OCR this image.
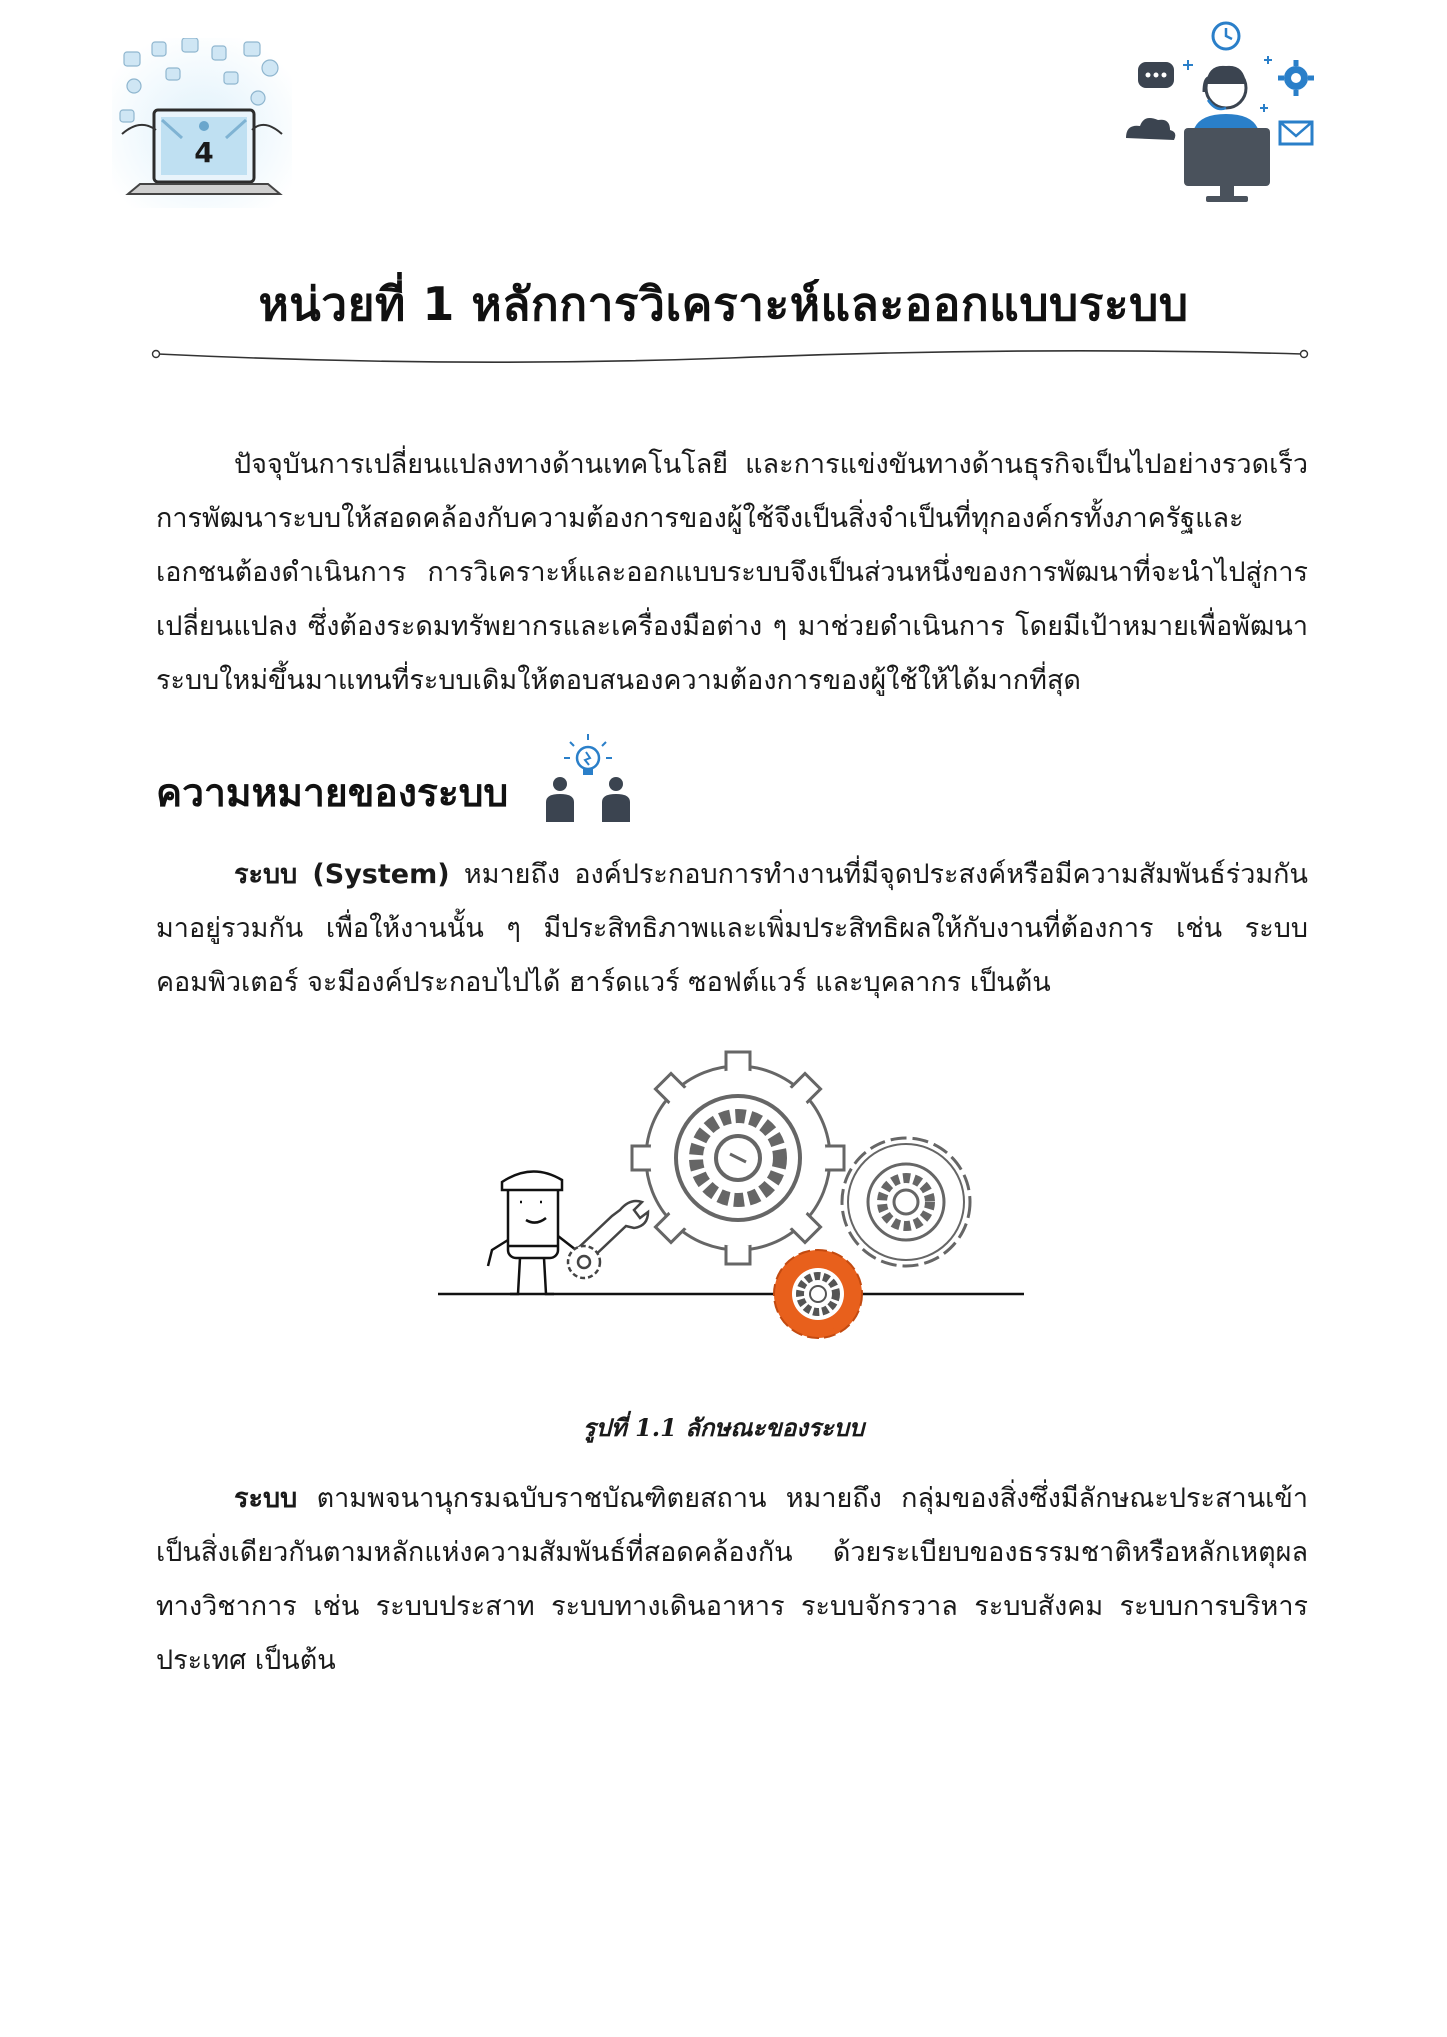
4
หน่วยที่ 1 หลักการวิเคราะห์และออกแบบระบบ
ปัจจุบันการเปลี่ยนแปลงทางด้านเทคโนโลยี และการแข่งขันทางด้านธุรกิจเป็นไปอย่างรวดเร็ว การพัฒนาระบบให้สอดคล้องกับความต้องการของผู้ใช้จึงเป็นสิ่งจำเป็นที่ทุกองค์กรทั้งภาครัฐและเอกชนต้องดำเนินการ การวิเคราะห์และออกแบบระบบจึงเป็นส่วนหนึ่งของการพัฒนาที่จะนำไปสู่การเปลี่ยนแปลง ซึ่งต้องระดมทรัพยากรและเครื่องมือต่าง ๆ มาช่วยดำเนินการ โดยมีเป้าหมายเพื่อพัฒนาระบบใหม่ขึ้นมาแทนที่ระบบเดิมให้ตอบสนองความต้องการของผู้ใช้ให้ได้มากที่สุด
ความหมายของระบบ
ระบบ (System) หมายถึง องค์ประกอบการทำงานที่มีจุดประสงค์หรือมีความสัมพันธ์ร่วมกันมาอยู่รวมกัน เพื่อให้งานนั้น ๆ มีประสิทธิภาพและเพิ่มประสิทธิผลให้กับงานที่ต้องการ เช่น ระบบคอมพิวเตอร์ จะมีองค์ประกอบไปได้ ฮาร์ดแวร์ ซอฟต์แวร์ และบุคลากร เป็นต้น
รูปที่ 1.1 ลักษณะของระบบ
ระบบ ตามพจนานุกรมฉบับราชบัณฑิตยสถาน หมายถึง กลุ่มของสิ่งซึ่งมีลักษณะประสานเข้าเป็นสิ่งเดียวกันตามหลักแห่งความสัมพันธ์ที่สอดคล้องกัน ด้วยระเบียบของธรรมชาติหรือหลักเหตุผลทางวิชาการ เช่น ระบบประสาท ระบบทางเดินอาหาร ระบบจักรวาล ระบบสังคม ระบบการบริหารประเทศ เป็นต้น
